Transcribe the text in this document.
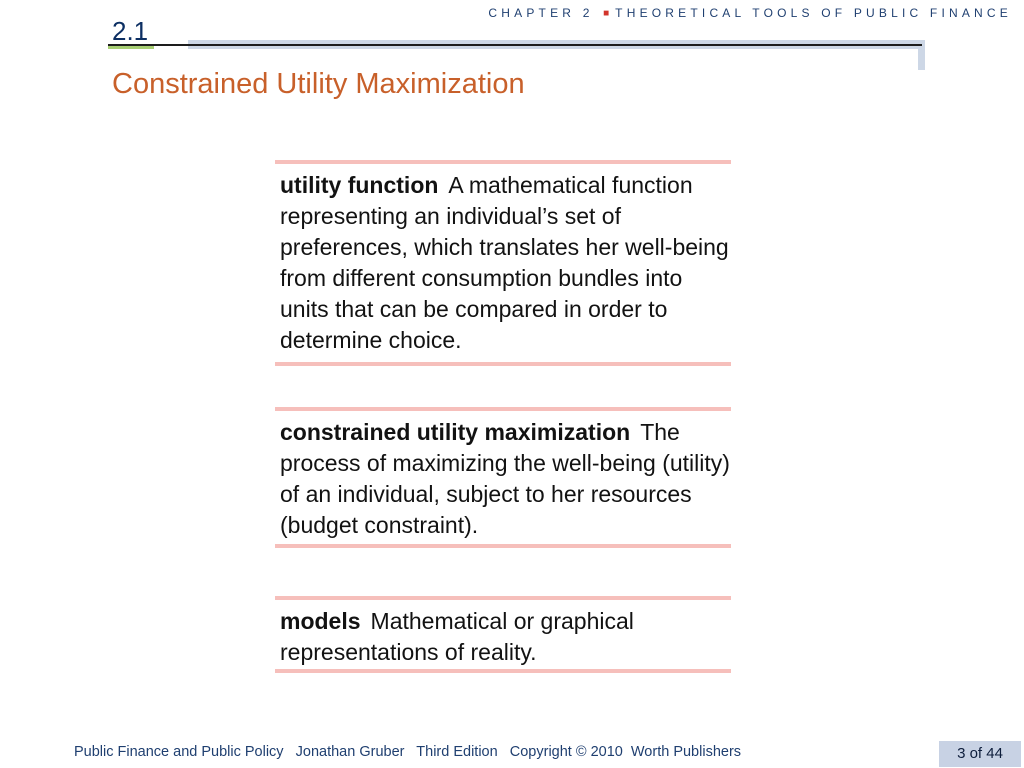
CHAPTER 2 ■ THEORETICAL TOOLS OF PUBLIC FINANCE
2.1
Constrained Utility Maximization
utility function A mathematical function representing an individual’s set of preferences, which translates her well-being from different consumption bundles into units that can be compared in order to determine choice.
constrained utility maximization The process of maximizing the well-being (utility) of an individual, subject to her resources (budget constraint).
models Mathematical or graphical representations of reality.
Public Finance and Public Policy   Jonathan Gruber   Third Edition   Copyright © 2010  Worth Publishers	3 of 44
